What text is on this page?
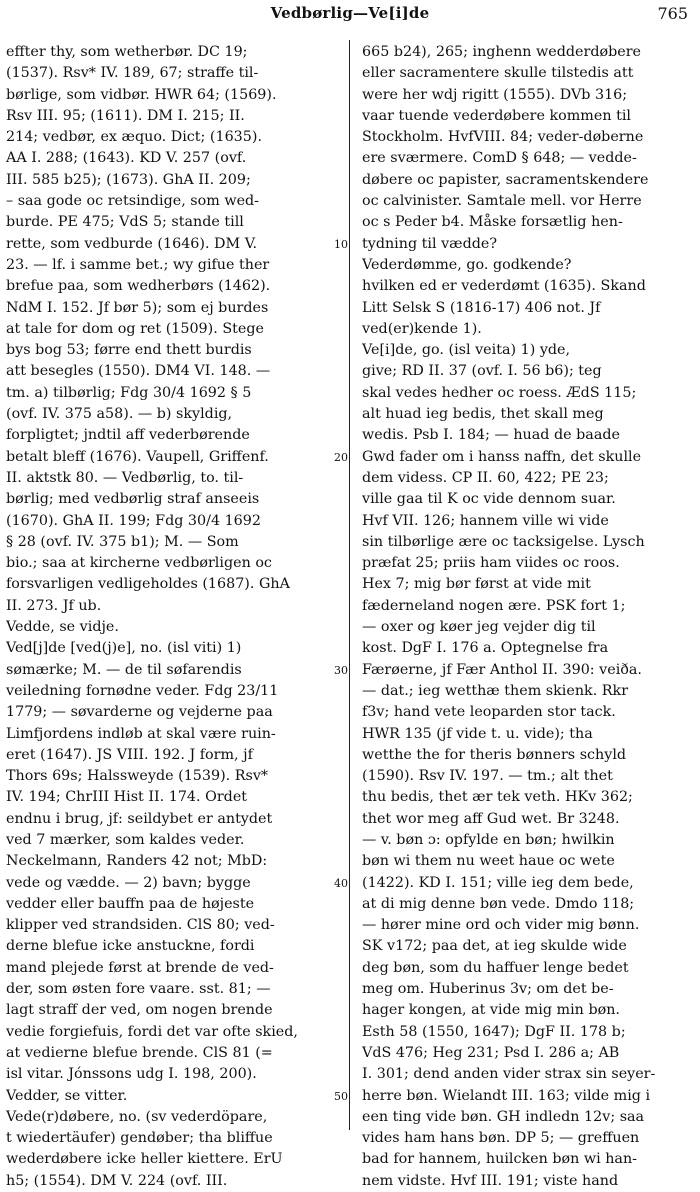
Vedbørlig—Ve[i]de	765
effter thy, som wetherbør. DC 19;
(1537). Rsv* IV. 189, 67; straffe til-
børlige, som vidbør. HWR 64; (1569).
Rsv III. 95; (1611). DM I. 215; II.
214; vedbør, ex æquo. Dict; (1635).
AA I. 288; (1643). KD V. 257 (ovf.
III. 585 b25); (1673). GhA II. 209;
– saa gode oc retsindige, som wed-
burde. PE 475; VdS 5; stande till
rette, som vedburde (1646). DM V.
23. — lf. i samme bet.; wy gifue ther
brefue paa, som wedherbørs (1462).
NdM I. 152. Jf bør 5); som ej burdes
at tale for dom og ret (1509). Stege
bys bog 53; førre end thett burdis
att besegles (1550). DM4 VI. 148. —
tm. a) tilbørlig; Fdg 30/4 1692 § 5
(ovf. IV. 375 a58). — b) skyldig,
forpligtet; jndtil aff vederbørende
betalt bleff (1676). Vaupell, Griffenf.
II. aktstk 80. — Vedbørlig, to. til-
børlig; med vedbørlig straf anseeis
(1670). GhA II. 199; Fdg 30/4 1692
§ 28 (ovf. IV. 375 b1); M. — Som
bio.; saa at kircherne vedbørligen oc
forsvarligen vedligeholdes (1687). GhA
II. 273. Jf ub.
Vedde, se vidje.
Ved[j]de [ved(j)e], no. (isl viti) 1)
sømærke; M. — de til søfarendis
veiledning fornødne veder. Fdg 23/11
1779; — søvarderne og vejderne paa
Limfjordens indløb at skal være ruin-
eret (1647). JS VIII. 192. J form, jf
Thors 69s; Halssweyde (1539). Rsv*
IV. 194; ChrIII Hist II. 174. Ordet
endnu i brug, jf: seildybet er antydet
ved 7 mærker, som kaldes veder.
Neckelmann, Randers 42 not; MbD:
vede og vædde. — 2) bavn; bygge
vedder eller bauffn paa de højeste
klipper ved strandsiden. ClS 80; ved-
derne blefue icke anstuckne, fordi
mand plejede først at brende de ved-
der, som østen fore vaare. sst. 81; —
lagt straff der ved, om nogen brende
vedie forgiefuis, fordi det var ofte skied,
at vedierne blefue brende. ClS 81 (=
isl vitar. Jónssons udg I. 198, 200).
Vedder, se vitter.
Vede(r)døbere, no. (sv vederdöpare,
t wiedertäufer) gendøber; tha bliffue
wederdøbere icke heller kiettere. ErU
h5; (1554). DM V. 224 (ovf. III.
665 b24), 265; inghenn wedderdøbere
eller sacramentere skulle tilstedis att
were her wdj rigitt (1555). DVb 316;
vaar tuende vederdøbere kommen til
Stockholm. HvfVIII. 84; veder-døberne
ere sværmere. ComD § 648; — vedde-
døbere oc papister, sacramentskendere
oc calvinister. Samtale mell. vor Herre
oc s Peder b4. Måske forsætlig hen-
tydning til vædde?
Vederdømme, go. godkende?
hvilken ed er vederdømt (1635). Skand
Litt Selsk S (1816-17) 406 not. Jf
ved(er)kende 1).
Ve[i]de, go. (isl veita) 1) yde,
give; RD II. 37 (ovf. I. 56 b6); teg
skal vedes hedher oc roess. ÆdS 115;
alt huad ieg bedis, thet skall meg
wedis. Psb I. 184; — huad de baade
Gwd fader om i hanss naffn, det skulle
dem videss. CP II. 60, 422; PE 23;
ville gaa til K oc vide dennom suar.
Hvf VII. 126; hannem ville wi vide
sin tilbørlige ære oc tacksigelse. Lysch
præfat 25; priis ham viides oc roos.
Hex 7; mig bør først at vide mit
fæderneland nogen ære. PSK fort 1;
— oxer og køer jeg vejder dig til
kost. DgF I. 176 a. Optegnelse fra
Færøerne, jf Fær Anthol II. 390: veiða.
— dat.; ieg wetthæ them skienk. Rkr
f3v; hand vete leoparden stor tack.
HWR 135 (jf vide t. u. vide); tha
wetthe the for theris bønners schyld
(1590). Rsv IV. 197. — tm.; alt thet
thu bedis, thet ær tek veth. HKv 362;
thet wor meg aff Gud wet. Br 3248.
— v. bøn ɔ: opfylde en bøn; hwilkin
bøn wi them nu weet haue oc wete
(1422). KD I. 151; ville ieg dem bede,
at di mig denne bøn vede. Dmdo 118;
— hører mine ord och vider mig bønn.
SK v172; paa det, at ieg skulde wide
deg bøn, som du haffuer lenge bedet
meg om. Huberinus 3v; om det be-
hager kongen, at vide mig min bøn.
Esth 58 (1550, 1647); DgF II. 178 b;
VdS 476; Heg 231; Psd I. 286 a; AB
I. 301; dend anden vider strax sin seyer-
herre bøn. Wielandt III. 163; vilde mig i
een ting vide bøn. GH indledn 12v; saa
vides ham hans bøn. DP 5; — greffuen
bad for hannem, huilcken bøn wi han-
nem vidste. Hvf III. 191; viste hand
10
20
30
40
50
